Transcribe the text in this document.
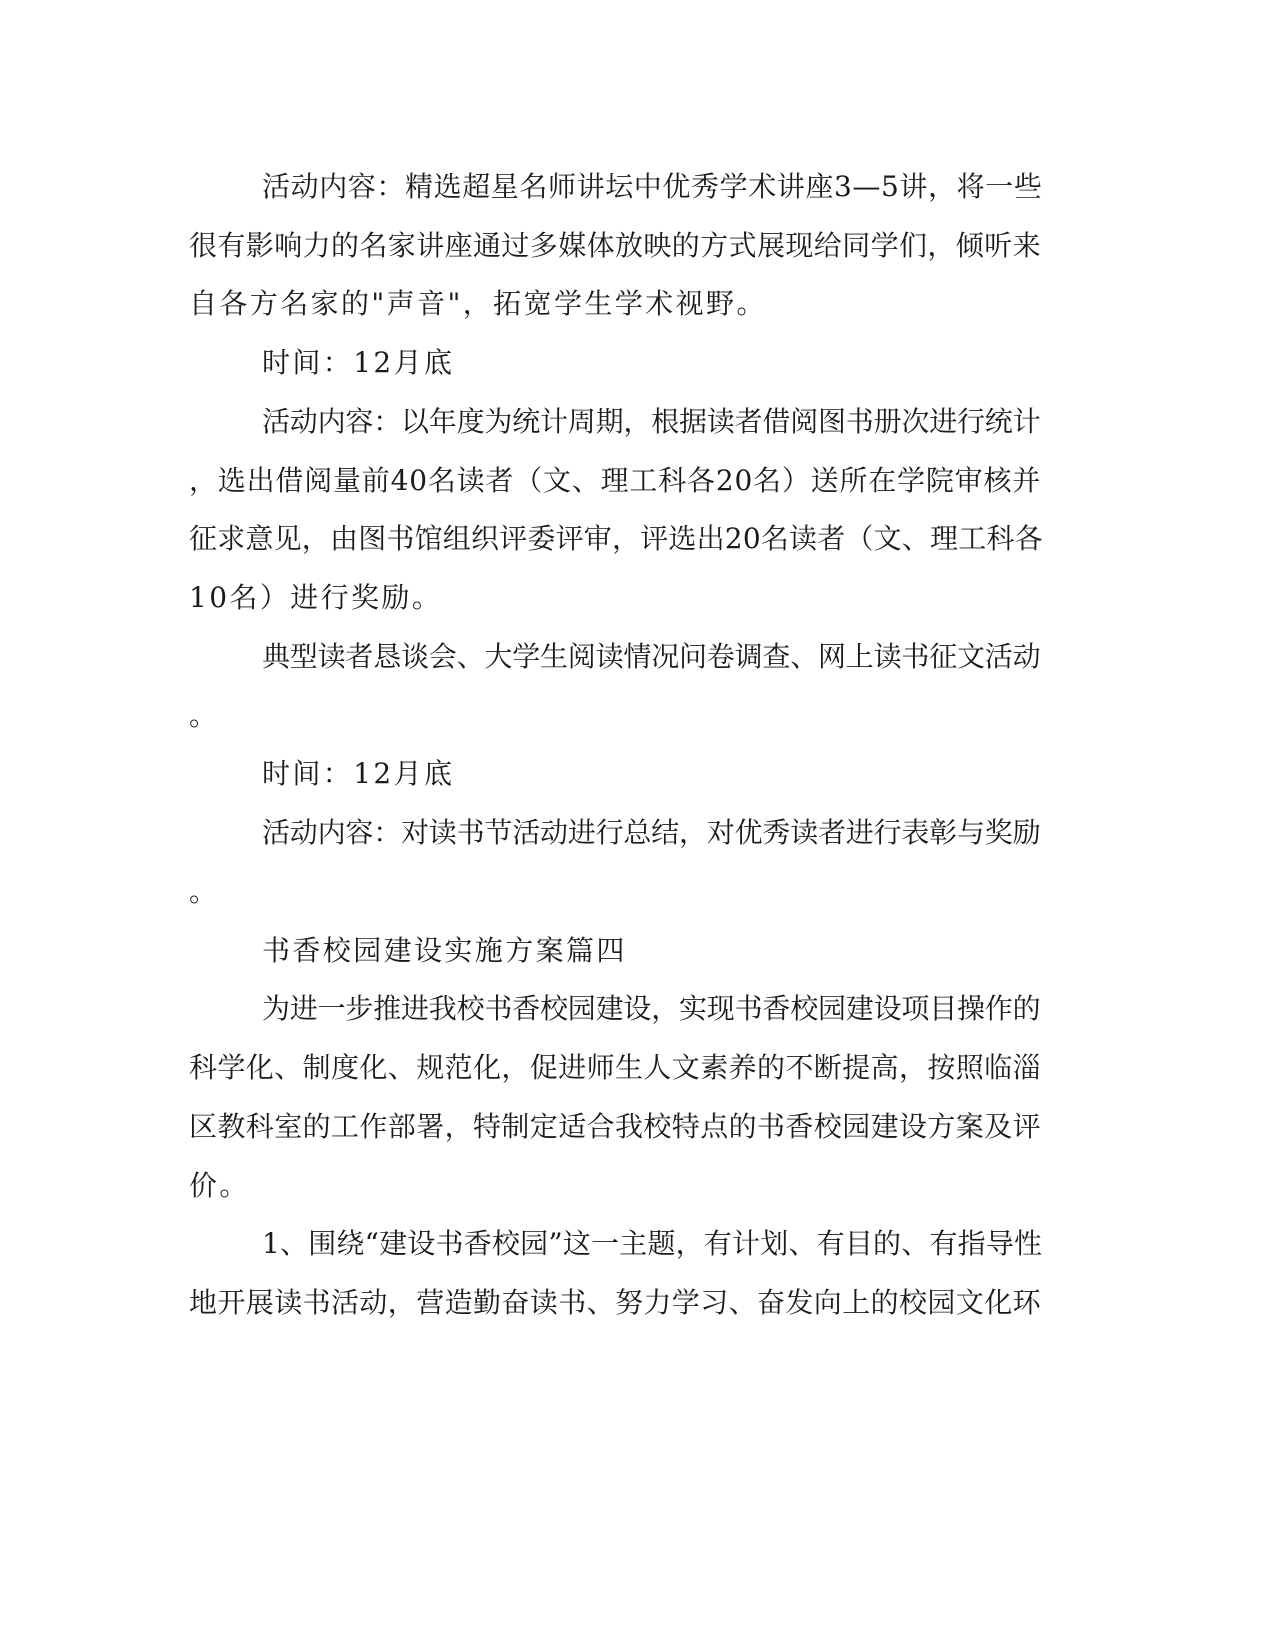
活动内容：精选超星名师讲坛中优秀学术讲座3—5讲，将一些
很有影响力的名家讲座通过多媒体放映的方式展现给同学们，倾听来
自各方名家的"声音"，拓宽学生学术视野。
时间：12月底
活动内容：以年度为统计周期，根据读者借阅图书册次进行统计
，选出借阅量前40名读者（文、理工科各20名）送所在学院审核并
征求意见，由图书馆组织评委评审，评选出20名读者（文、理工科各
10名）进行奖励。
典型读者恳谈会、大学生阅读情况问卷调查、网上读书征文活动
。
时间：12月底
活动内容：对读书节活动进行总结，对优秀读者进行表彰与奖励
。
书香校园建设实施方案篇四
为进一步推进我校书香校园建设，实现书香校园建设项目操作的
科学化、制度化、规范化，促进师生人文素养的不断提高，按照临淄
区教科室的工作部署，特制定适合我校特点的书香校园建设方案及评
价。
1、围绕“建设书香校园”这一主题，有计划、有目的、有指导性
地开展读书活动，营造勤奋读书、努力学习、奋发向上的校园文化环
